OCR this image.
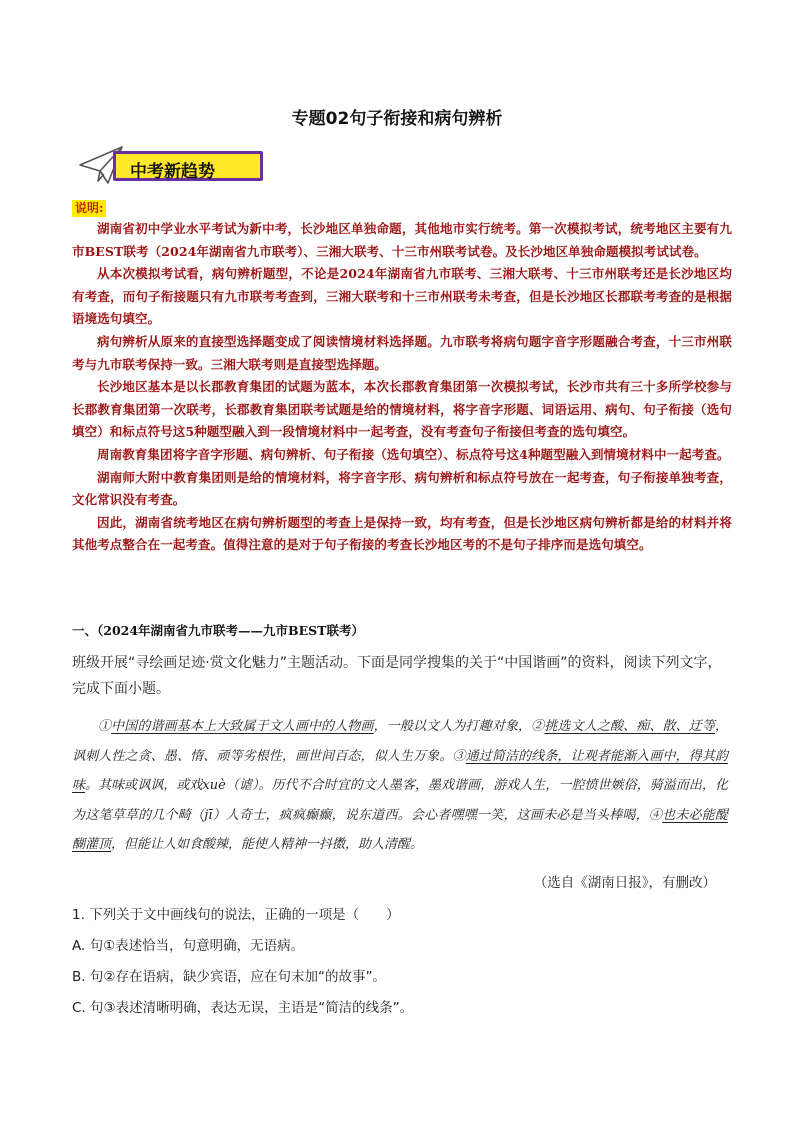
专题02句子衔接和病句辨析
中考新趋势
说明:

湖南省初中学业水平考试为新中考，长沙地区单独命题，其他地市实行统考。第一次模拟考试，统考地区主要有九市BEST联考（2024年湖南省九市联考）、三湘大联考、十三市州联考试卷。及长沙地区单独命题模拟考试试卷。

从本次模拟考试看，病句辨析题型，不论是2024年湖南省九市联考、三湘大联考、十三市州联考还是长沙地区均有考查，而句子衔接题只有九市联考考查到，三湘大联考和十三市州联考未考查，但是长沙地区长郡联考考查的是根据语境选句填空。

病句辨析从原来的直接型选择题变成了阅读情境材料选择题。九市联考将病句题字音字形题融合考查，十三市州联考与九市联考保持一致。三湘大联考则是直接型选择题。

长沙地区基本是以长郡教育集团的试题为蓝本，本次长郡教育集团第一次模拟考试，长沙市共有三十多所学校参与长郡教育集团第一次联考，长郡教育集团联考试题是给的情境材料，将字音字形题、词语运用、病句、句子衔接（选句填空）和标点符号这5种题型融入到一段情境材料中一起考查，没有考查句子衔接但考查的选句填空。

周南教育集团将字音字形题、病句辨析、句子衔接（选句填空）、标点符号这4种题型融入到情境材料中一起考查。

湖南师大附中教育集团则是给的情境材料，将字音字形、病句辨析和标点符号放在一起考查，句子衔接单独考查，文化常识没有考查。

因此，湖南省统考地区在病句辨析题型的考查上是保持一致，均有考查，但是长沙地区病句辨析都是给的材料并将其他考点整合在一起考查。值得注意的是对于句子衔接的考查长沙地区考的不是句子排序而是选句填空。

一、（2024年湖南省九市联考——九市BEST联考）

班级开展“寻绘画足迹·赏文化魅力”主题活动。下面是同学搜集的关于“中国谐画”的资料，阅读下列文字，完成下面小题。

①中国的谐画基本上大致属于文人画中的人物画，一般以文人为打趣对象，②挑选文人之酸、痴、散、迂等，讽刺人性之贪、愚、惰、顽等劣根性，画世间百态，似人生万象。③通过简洁的线条，让观者能渐入画中，得其韵味。其味或讽讽，或戏xuè（谑）。历代不合时宜的文人墨客，墨戏谐画，游戏人生，一腔愤世嫉俗，骑溢而出，化为这笔草草的几个畸（jī）人奇士，疯疯癫癫，说东道西。会心者嘿嘿一笑，这画未必是当头棒喝，④也未必能醍醐灌顶，但能让人如食酸辣，能使人精神一抖擞，助人清醒。
（选自《湖南日报》，有删改）
1. 下列关于文中画线句的说法，正确的一项是（　　）
A. 句①表述恰当，句意明确，无语病。
B. 句②存在语病，缺少宾语，应在句末加“的故事”。
C. 句③表述清晰明确，表达无误，主语是“简洁的线条”。
